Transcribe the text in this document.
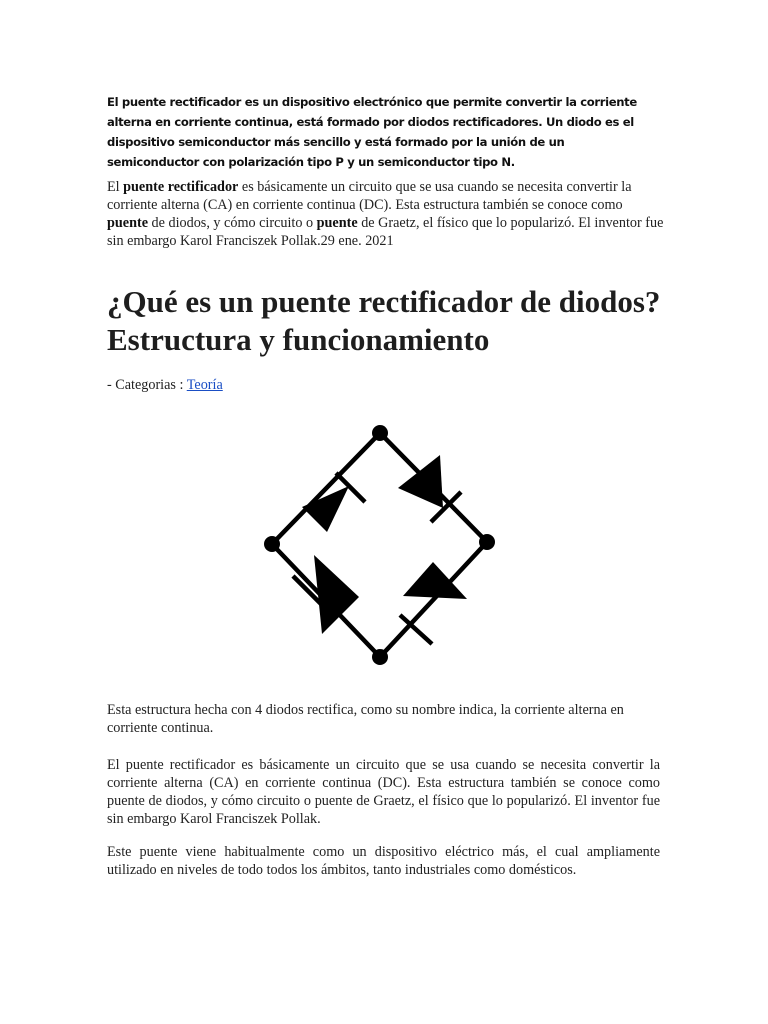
El puente rectificador es un dispositivo electrónico que permite convertir la corriente alterna en corriente continua, está formado por diodos rectificadores. Un diodo es el dispositivo semiconductor más sencillo y está formado por la unión de un semiconductor con polarización tipo P y un semiconductor tipo N.

El puente rectificador es básicamente un circuito que se usa cuando se necesita convertir la corriente alterna (CA) en corriente continua (DC). Esta estructura también se conoce como puente de diodos, y cómo circuito o puente de Graetz, el físico que lo popularizó. El inventor fue sin embargo Karol Franciszek Pollak.29 ene. 2021

¿Qué es un puente rectificador de diodos? Estructura y funcionamiento

- Categorias : Teoría

Esta estructura hecha con 4 diodos rectifica, como su nombre indica, la corriente alterna en corriente continua.

El puente rectificador es básicamente un circuito que se usa cuando se necesita convertir la corriente alterna (CA) en corriente continua (DC). Esta estructura también se conoce como puente de diodos, y cómo circuito o puente de Graetz, el físico que lo popularizó. El inventor fue sin embargo Karol Franciszek Pollak.

Este puente viene habitualmente como un dispositivo eléctrico más, el cual ampliamente utilizado en niveles de todo todos los ámbitos, tanto industriales como domésticos.
